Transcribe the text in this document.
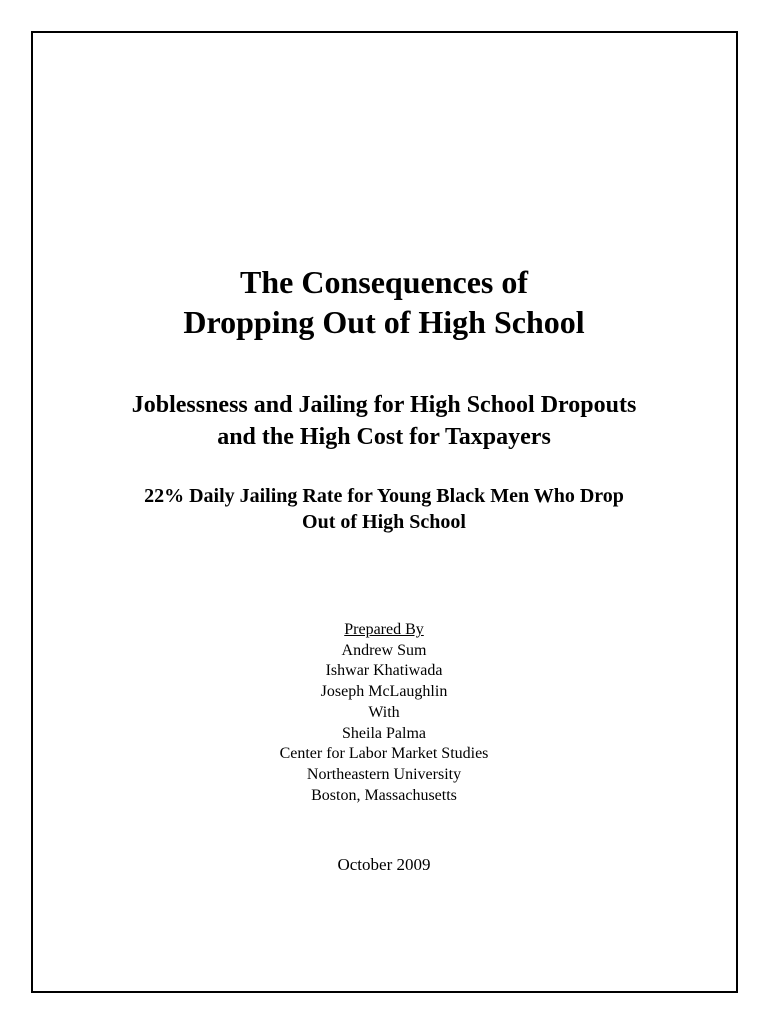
The Consequences of
Dropping Out of High School
Joblessness and Jailing for High School Dropouts
and the High Cost for Taxpayers
22% Daily Jailing Rate for Young Black Men Who Drop
Out of High School
Prepared By
Andrew Sum
Ishwar Khatiwada
Joseph McLaughlin
With
Sheila Palma
Center for Labor Market Studies
Northeastern University
Boston, Massachusetts
October 2009
